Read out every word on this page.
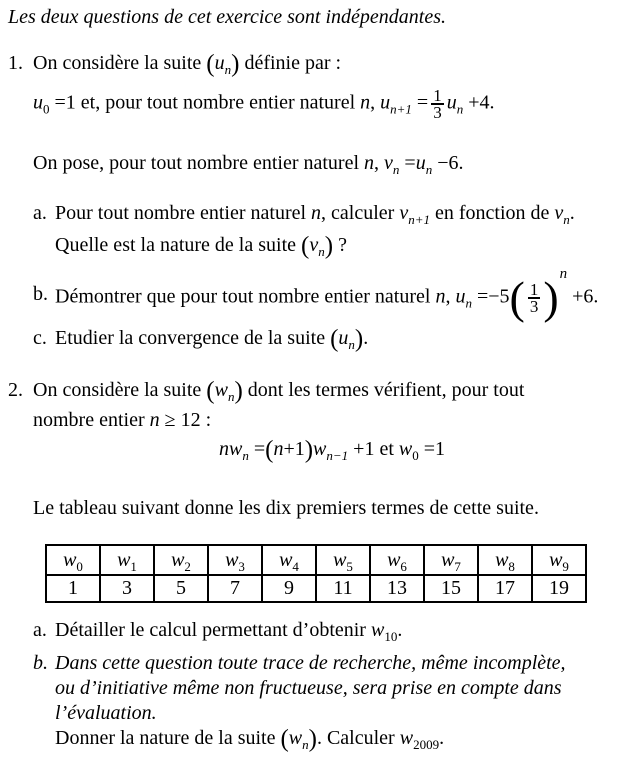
Les deux questions de cet exercice sont indépendantes.
1. On considère la suite $(u_n)$ définie par :
$u_0 =1$ et, pour tout nombre entier naturel n, $u_{n+1} = \frac{1}{3} u_n +4$.
On pose, pour tout nombre entier naturel n, $v_n =u_n -6$.
a. Pour tout nombre entier naturel n, calculer $v_{n+1}$ en fonction de $v_n$.
Quelle est la nature de la suite $(v_n)$ ?
b. Démontrer que pour tout nombre entier naturel n, $u_n =-5( \frac{1}{3} )^n +6$.
c. Etudier la convergence de la suite $(u_n)$.
2. On considère la suite $(w_n)$ dont les termes vérifient, pour tout
nombre entier n ≥ 12 :
$nw_n =(n+1)w_{n-1} +1$ et $w_0 =1$
Le tableau suivant donne les dix premiers termes de cette suite.
$w_0$	$w_1$	$w_2$	$w_3$	$w_4$	$w_5$	$w_6$	$w_7$	$w_8$	$w_9$
1	3	5	7	9	11	13	15	17	19
a. Détailler le calcul permettant d’obtenir $w_{10}$.
b. Dans cette question toute trace de recherche, même incomplète,
ou d’initiative même non fructueuse, sera prise en compte dans
l’évaluation.
Donner la nature de la suite $(w_n)$. Calculer $w_{2009}$.
